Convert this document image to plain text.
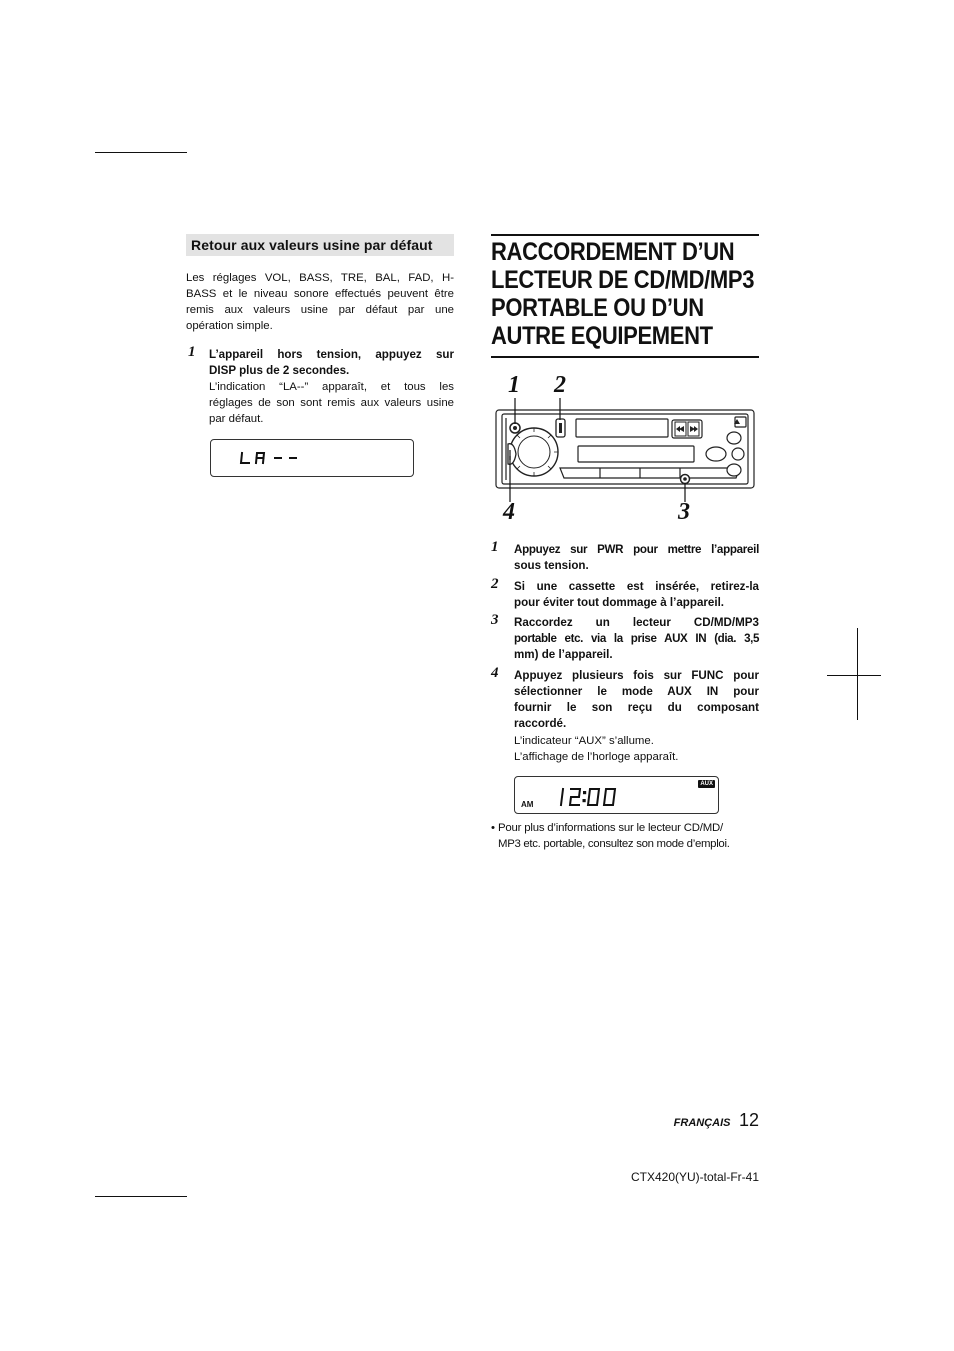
Retour aux valeurs usine par défaut
Les réglages VOL, BASS, TRE, BAL, FAD, H-
BASS et le niveau sonore effectués peuvent être
remis aux valeurs usine par défaut par une
opération simple.
1 L’appareil hors tension, appuyez sur
DISP plus de 2 secondes.
L’indication “LA--” apparaît, et tous les
réglages de son sont remis aux valeurs usine
par défaut.
RACCORDEMENT D’UN
LECTEUR DE CD/MD/MP3
PORTABLE OU D’UN
AUTRE EQUIPEMENT
1 2
4	3
1 Appuyez sur PWR pour mettre l’appareil
sous tension.
2 Si une cassette est insérée, retirez-la
pour éviter tout dommage à l’appareil.
3 Raccordez un lecteur CD/MD/MP3
portable etc. via la prise AUX IN (dia. 3,5
mm) de l’appareil.
4 Appuyez plusieurs fois sur FUNC pour
sélectionner le mode AUX IN pour
fournir le son reçu du composant
raccordé.
L’indicateur “AUX” s’allume.
L’affichage de l’horloge apparaît.
AM
AUX
• Pour plus d’informations sur le lecteur CD/MD/
MP3 etc. portable, consultez son mode d’emploi.
FRANÇAIS 12
CTX420(YU)-total-Fr-41
